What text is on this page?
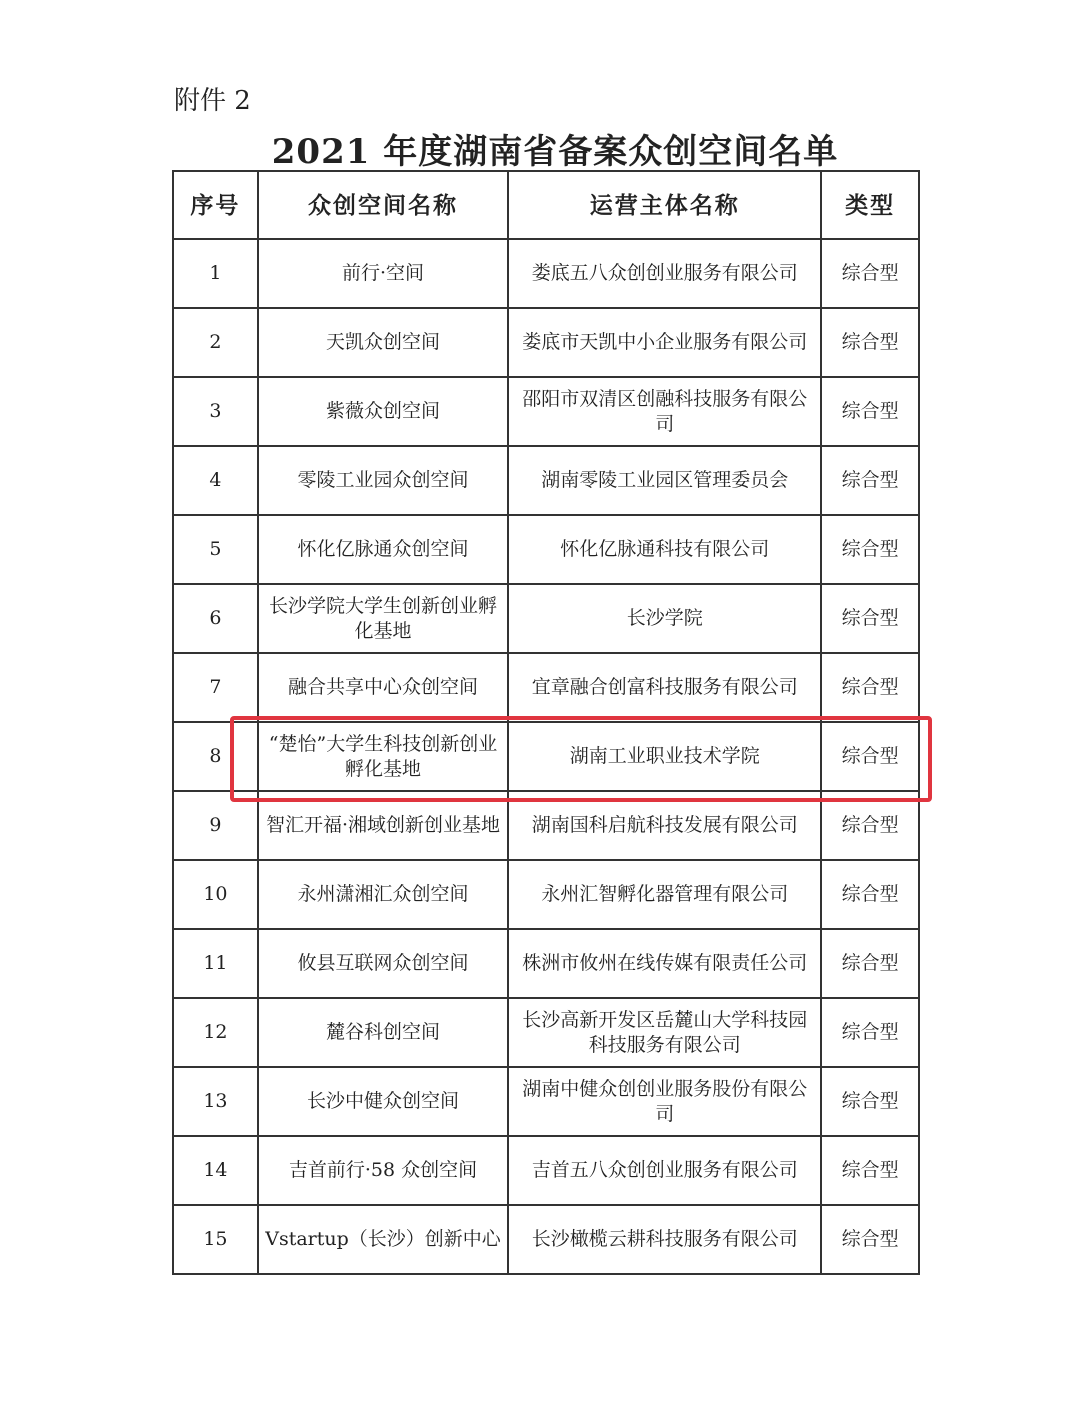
附件 2
2021 年度湖南省备案众创空间名单
序号	众创空间名称	运营主体名称	类型
1	前行·空间	娄底五八众创创业服务有限公司	综合型
2	天凯众创空间	娄底市天凯中小企业服务有限公司	综合型
3	紫薇众创空间	邵阳市双清区创融科技服务有限公司	综合型
4	零陵工业园众创空间	湖南零陵工业园区管理委员会	综合型
5	怀化亿脉通众创空间	怀化亿脉通科技有限公司	综合型
6	长沙学院大学生创新创业孵化基地	长沙学院	综合型
7	融合共享中心众创空间	宜章融合创富科技服务有限公司	综合型
8	“楚怡”大学生科技创新创业孵化基地	湖南工业职业技术学院	综合型
9	智汇开福·湘域创新创业基地	湖南国科启航科技发展有限公司	综合型
10	永州潇湘汇众创空间	永州汇智孵化器管理有限公司	综合型
11	攸县互联网众创空间	株洲市攸州在线传媒有限责任公司	综合型
12	麓谷科创空间	长沙高新开发区岳麓山大学科技园科技服务有限公司	综合型
13	长沙中健众创空间	湖南中健众创创业服务股份有限公司	综合型
14	吉首前行·58 众创空间	吉首五八众创创业服务有限公司	综合型
15	Vstartup（长沙）创新中心	长沙橄榄云耕科技服务有限公司	综合型
